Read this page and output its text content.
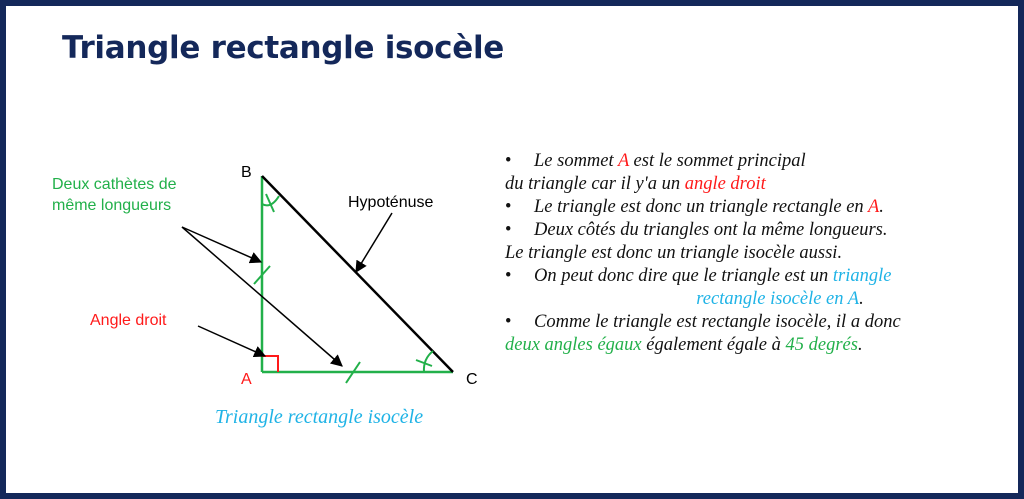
Triangle rectangle isocèle
B
A	C
Deux cathètes de
même longueurs	Hypoténuse
Angle droit
Triangle rectangle isocèle
• Le sommet A est le sommet principal
du triangle car il y'a un angle droit
• Le triangle est donc un triangle rectangle en A.
• Deux côtés du triangles ont la même longueurs.
Le triangle est donc un triangle isocèle aussi.
• On peut donc dire que le triangle est un triangle
rectangle isocèle en A.
• Comme le triangle est rectangle isocèle, il a donc
deux angles égaux également égale à 45 degrés.
